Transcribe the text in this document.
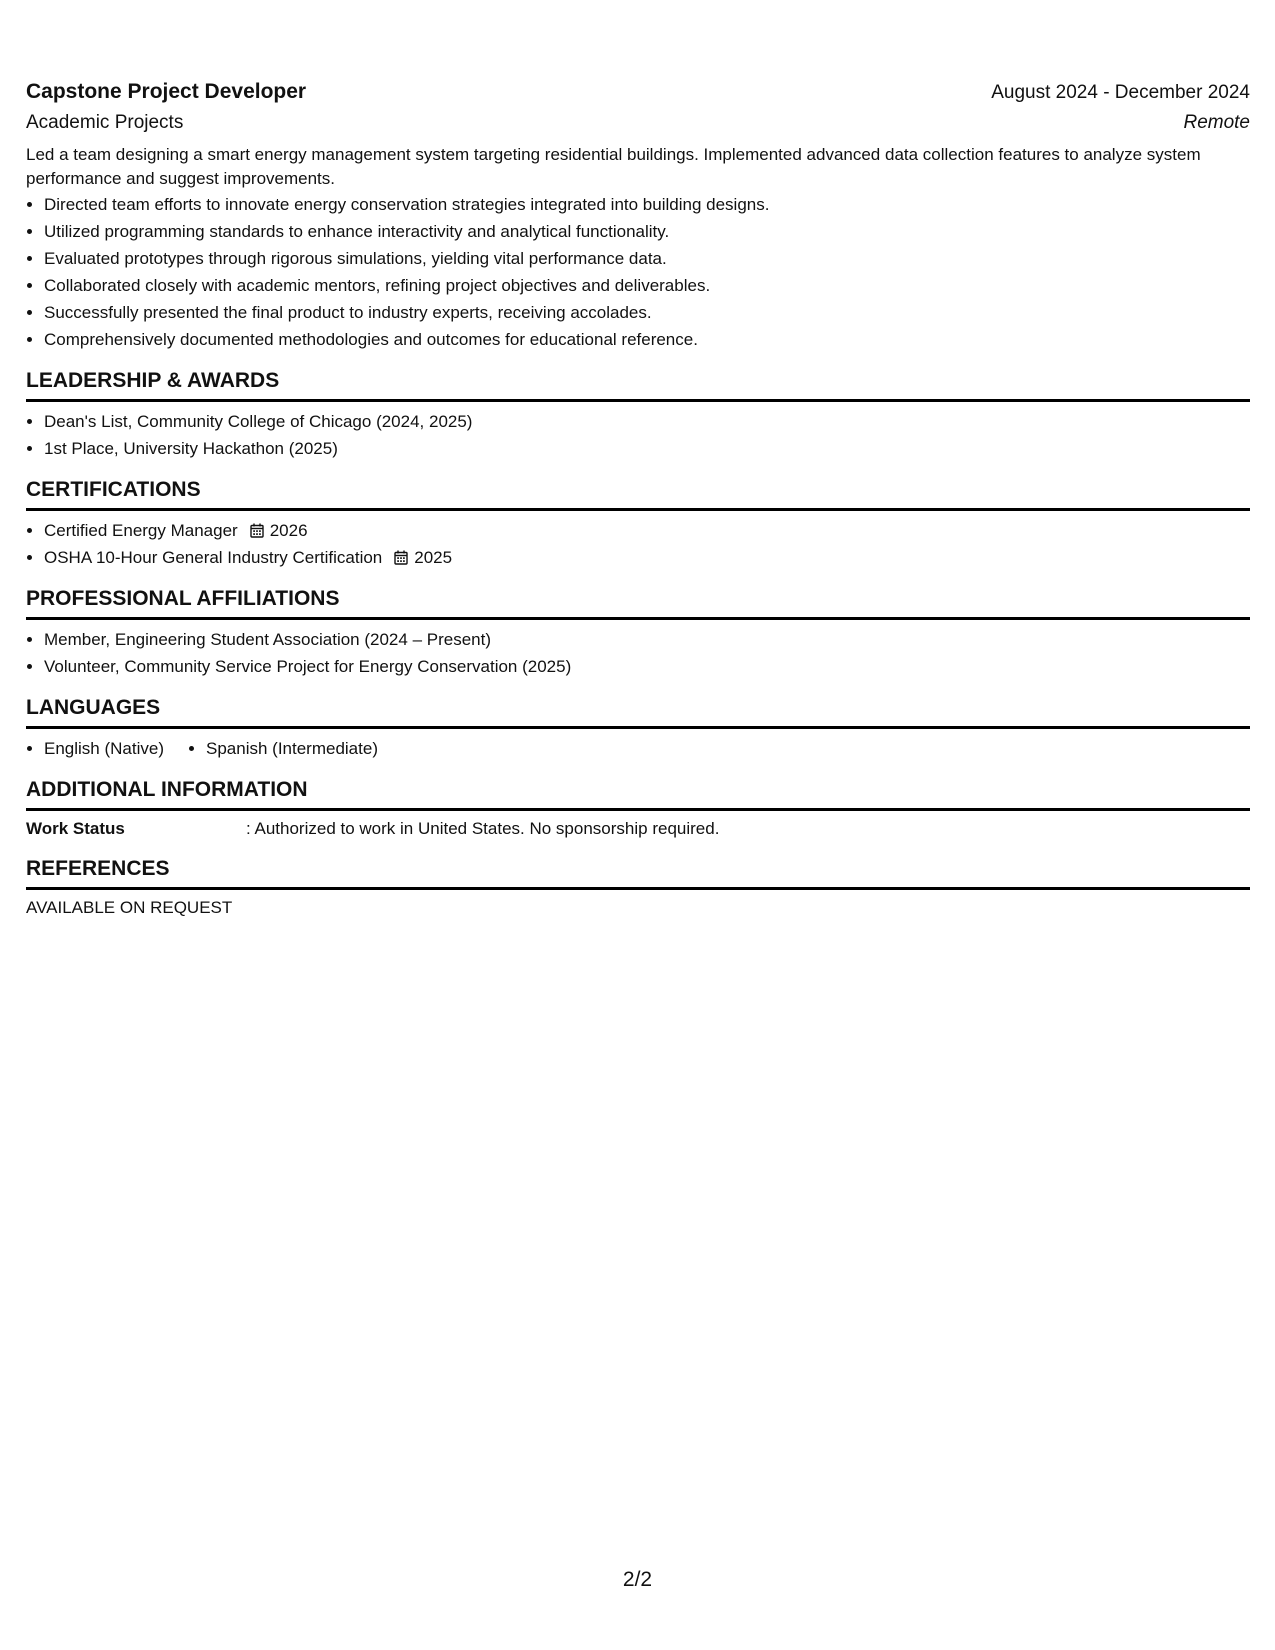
Capstone Project Developer	August 2024 - December 2024
Academic Projects	Remote
Led a team designing a smart energy management system targeting residential buildings. Implemented advanced data collection features to analyze system performance and suggest improvements.
• Directed team efforts to innovate energy conservation strategies integrated into building designs.
• Utilized programming standards to enhance interactivity and analytical functionality.
• Evaluated prototypes through rigorous simulations, yielding vital performance data.
• Collaborated closely with academic mentors, refining project objectives and deliverables.
• Successfully presented the final product to industry experts, receiving accolades.
• Comprehensively documented methodologies and outcomes for educational reference.
LEADERSHIP & AWARDS
• Dean's List, Community College of Chicago (2024, 2025)
• 1st Place, University Hackathon (2025)
CERTIFICATIONS
• Certified Energy Manager 2026
• OSHA 10-Hour General Industry Certification 2025
PROFESSIONAL AFFILIATIONS
• Member, Engineering Student Association (2024 – Present)
• Volunteer, Community Service Project for Energy Conservation (2025)
LANGUAGES
• English (Native)
• Spanish (Intermediate)
ADDITIONAL INFORMATION
Work Status	: Authorized to work in United States. No sponsorship required.
REFERENCES
AVAILABLE ON REQUEST
2/2
